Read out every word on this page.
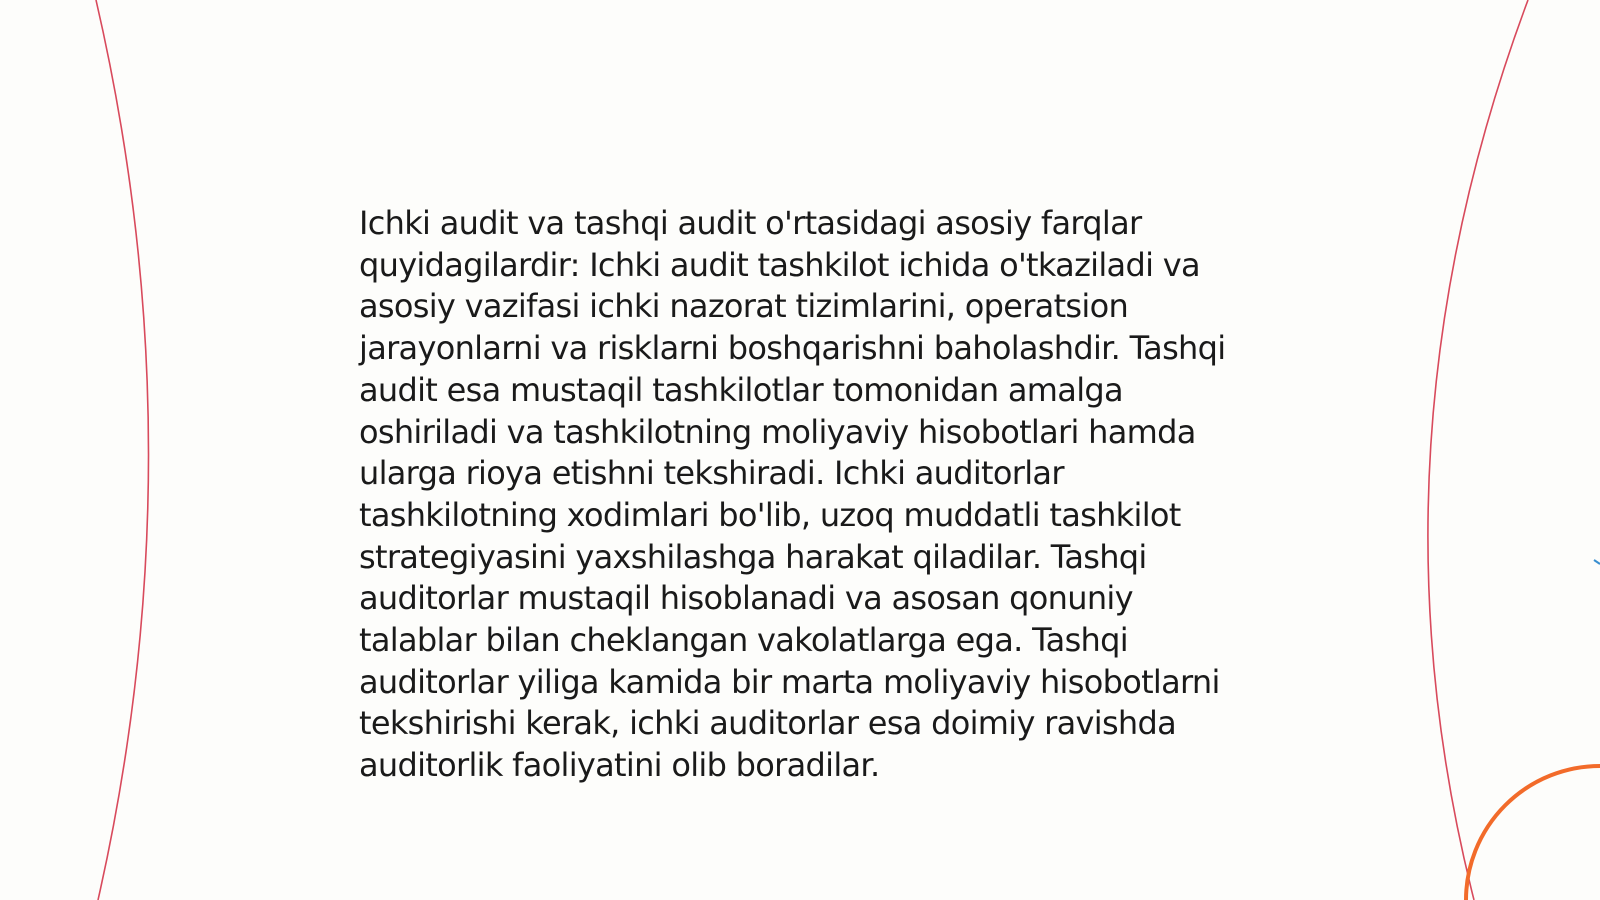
Ichki audit va tashqi audit o'rtasidagi asosiy farqlar quyidagilardir: Ichki audit tashkilot ichida o'tkaziladi va asosiy vazifasi ichki nazorat tizimlarini, operatsion jarayonlarni va risklarni boshqarishni baholashdir. Tashqi audit esa mustaqil tashkilotlar tomonidan amalga oshiriladi va tashkilotning moliyaviy hisobotlari hamda ularga rioya etishni tekshiradi. Ichki auditorlar tashkilotning xodimlari bo'lib, uzoq muddatli tashkilot strategiyasini yaxshilashga harakat qiladilar. Tashqi auditorlar mustaqil hisoblanadi va asosan qonuniy talablar bilan cheklangan vakolatlarga ega. Tashqi auditorlar yiliga kamida bir marta moliyaviy hisobotlarni tekshirishi kerak, ichki auditorlar esa doimiy ravishda auditorlik faoliyatini olib boradilar.
